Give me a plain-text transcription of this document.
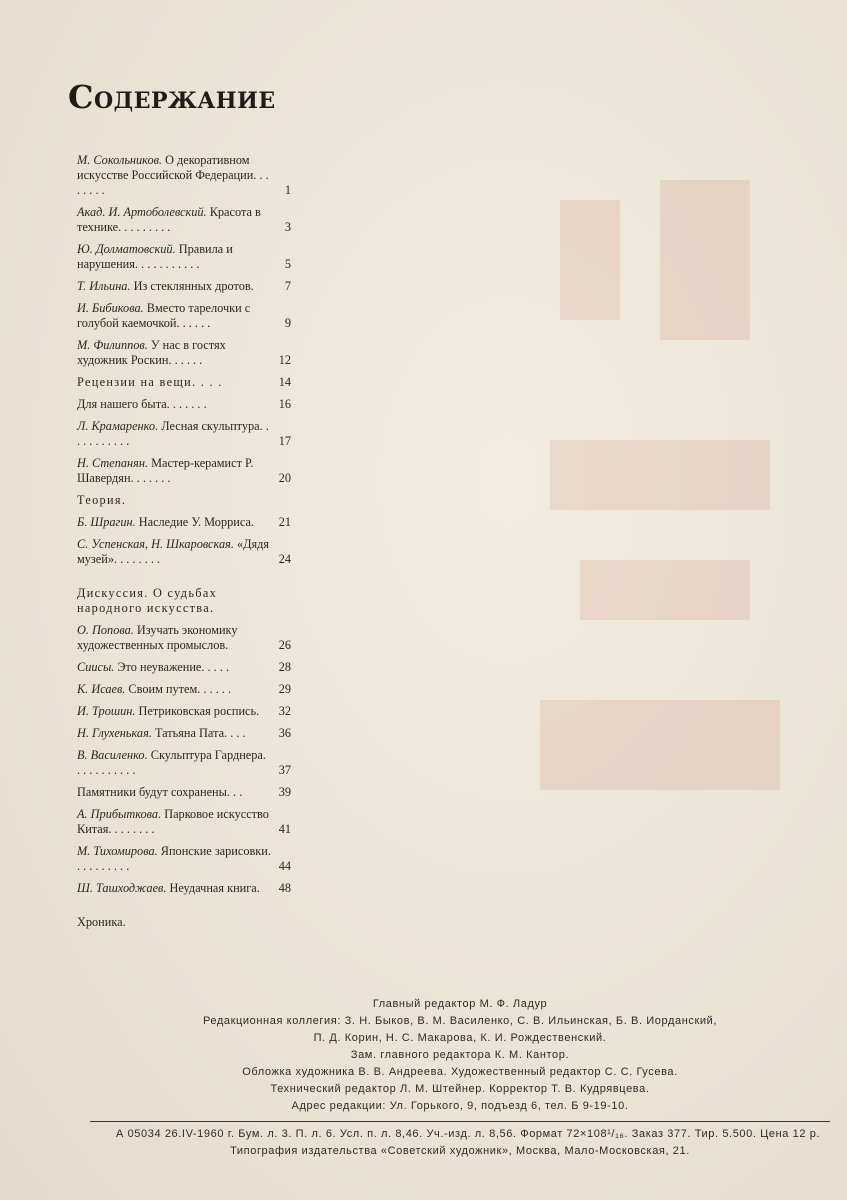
Содержание
М. Сокольников. О декоративном искусстве Российской Федерации. . . . . . . .	1
Акад. И. Артоболевский. Красота в технике. . . . . . . . .	3
Ю. Долматовский. Правила и нарушения. . . . . . . . . . .	5
Т. Ильина. Из стеклянных дротов.	7
И. Бибикова. Вместо тарелочки с голубой каемочкой. . . . . .	9
М. Филиппов. У нас в гостях художник Роскин. . . . . .	12
Рецензии на вещи. . . .	14
Для нашего быта. . . . . . .	16
Л. Крамаренко. Лесная скульптура. . . . . . . . . . .	17
Н. Степанян. Мастер-керамист Р. Шавердян. . . . . . .	20
Теория.
Б. Шрагин. Наследие У. Морриса.	21
С. Успенская, Н. Шкаровская. «Дядя музей». . . . . . . .	24
Дискуссия. О судьбах народного искусства.
О. Попова. Изучать экономику художественных промыслов.	26
Сиисы. Это неуважение. . . . .	28
К. Исаев. Своим путем. . . . . .	29
И. Трошин. Петриковская роспись.	32
Н. Глухенькая. Татьяна Пата. . . .	36
В. Василенко. Скульптура Гарднера. . . . . . . . . . .	37
Памятники будут сохранены. . .	39
А. Прибыткова. Парковое искусство Китая. . . . . . . .	41
М. Тихомирова. Японские зарисовки. . . . . . . . . .	44
Ш. Ташходжаев. Неудачная книга.	48
Хроника.
Главный редактор М. Ф. Ладур
Редакционная коллегия: З. Н. Быков, В. М. Василенко, С. В. Ильинская, Б. В. Иорданский,
П. Д. Корин, Н. С. Макарова, К. И. Рождественский.
Зам. главного редактора К. М. Кантор.
Обложка художника В. В. Андреева. Художественный редактор С. С. Гусева.
Технический редактор Л. М. Штейнер. Корректор Т. В. Кудрявцева.
Адрес редакции: Ул. Горького, 9, подъезд 6, тел. Б 9-19-10.
А 05034 26.IV-1960 г. Бум. л. 3. П. л. 6. Усл. п. л. 8,46. Уч.-изд. л. 8,56. Формат 72×108¹/₁₆. Заказ 377. Тир. 5.500. Цена 12 р.
Типография издательства «Советский художник», Москва, Мало-Московская, 21.
